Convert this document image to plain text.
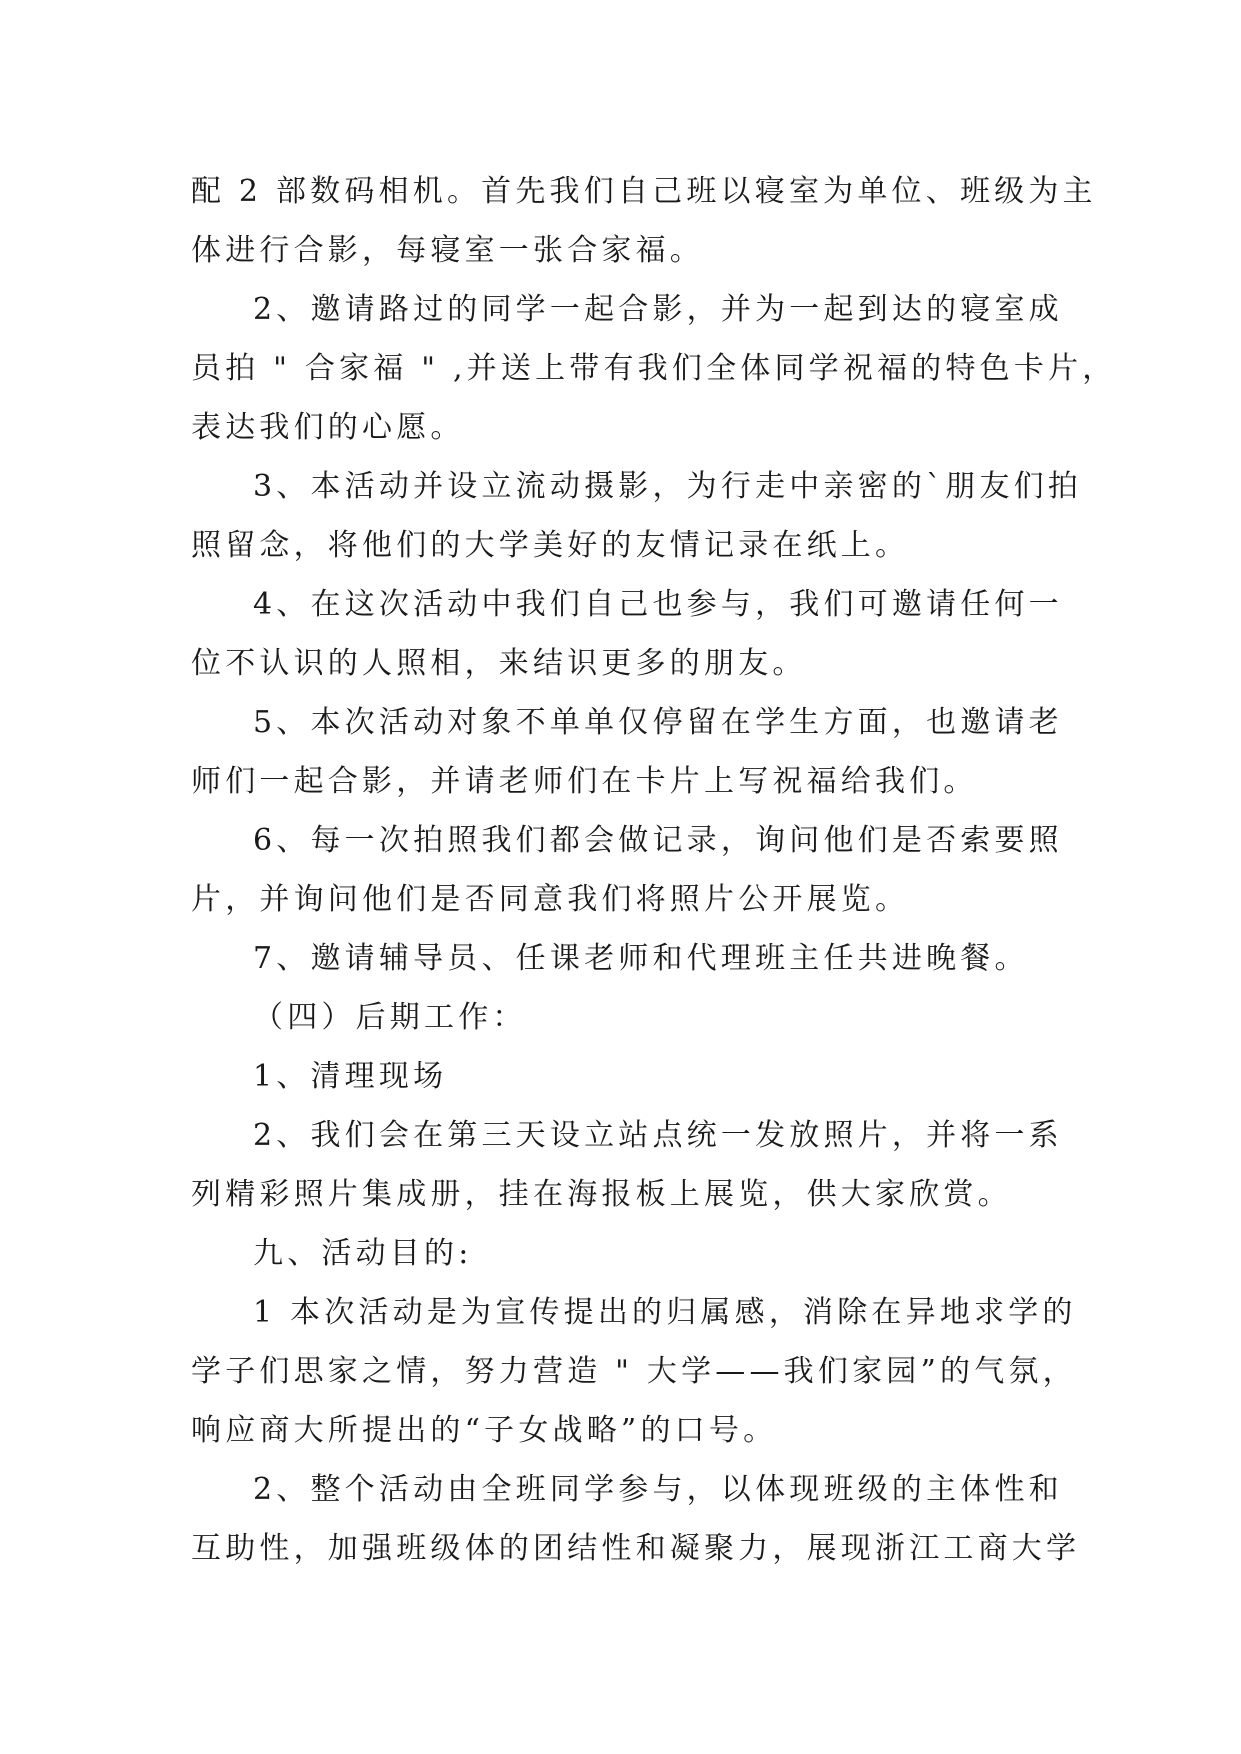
配 2 部数码相机。首先我们自己班以寝室为单位、班级为主
体进行合影，每寝室一张合家福。
2、邀请路过的同学一起合影，并为一起到达的寝室成
员拍 " 合家福 " ,并送上带有我们全体同学祝福的特色卡片，
表达我们的心愿。
3、本活动并设立流动摄影，为行走中亲密的`朋友们拍
照留念，将他们的大学美好的友情记录在纸上。
4、在这次活动中我们自己也参与，我们可邀请任何一
位不认识的人照相，来结识更多的朋友。
5、本次活动对象不单单仅停留在学生方面，也邀请老
师们一起合影，并请老师们在卡片上写祝福给我们。
6、每一次拍照我们都会做记录，询问他们是否索要照
片，并询问他们是否同意我们将照片公开展览。
7、邀请辅导员、任课老师和代理班主任共进晚餐。
（四）后期工作：
1、清理现场
2、我们会在第三天设立站点统一发放照片，并将一系
列精彩照片集成册，挂在海报板上展览，供大家欣赏。
九、活动目的:
1 本次活动是为宣传提出的归属感，消除在异地求学的
学子们思家之情，努力营造 " 大学——我们家园”的气氛，
响应商大所提出的“子女战略”的口号。
2、整个活动由全班同学参与，以体现班级的主体性和
互助性，加强班级体的团结性和凝聚力，展现浙江工商大学
